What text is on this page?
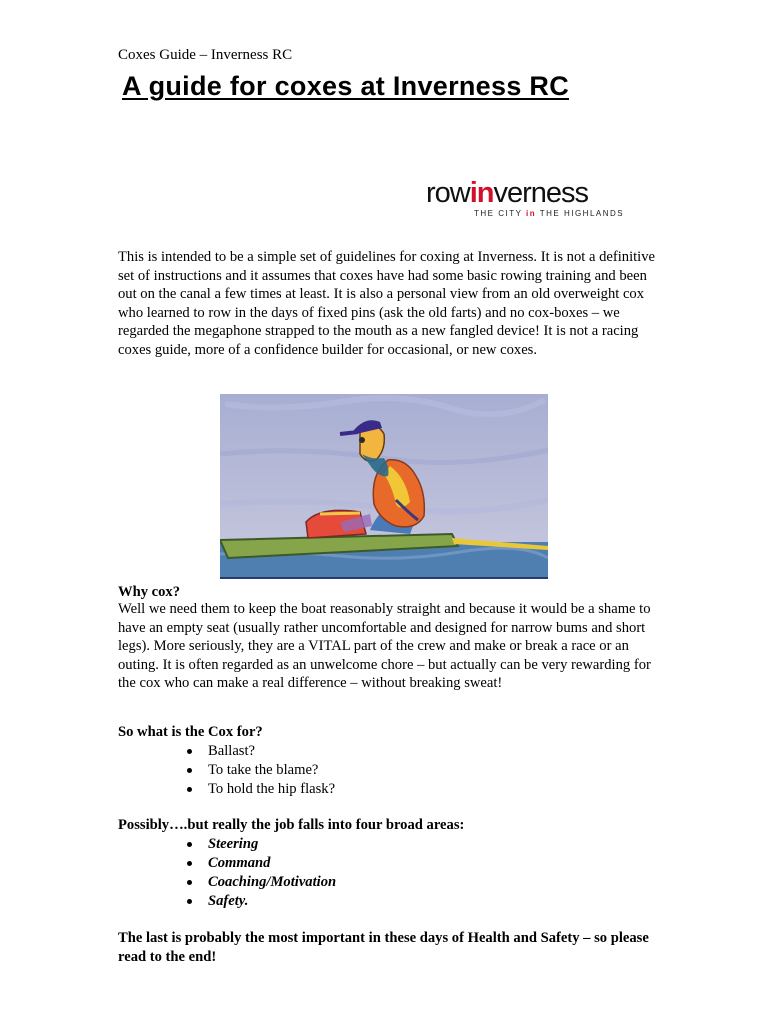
Coxes Guide – Inverness RC
A guide for coxes at Inverness RC
rowinverness
THE CITY in THE HIGHLANDS
This is intended to be a simple set of guidelines for coxing at Inverness. It is not a definitive set of instructions and it assumes that coxes have had some basic rowing training and been out on the canal a few times at least. It is also a personal view from an old overweight cox who learned to row in the days of fixed pins (ask the old farts) and no cox-boxes – we regarded the megaphone strapped to the mouth as a new fangled device! It is not a racing coxes guide, more of a confidence builder for occasional, or new coxes.
Why cox?
Well we need them to keep the boat reasonably straight and because it would be a shame to have an empty seat (usually rather uncomfortable and designed for narrow bums and short legs). More seriously, they are a VITAL part of the crew and make or break a race or an outing. It is often regarded as an unwelcome chore – but actually can be very rewarding for the cox who can make a real difference – without breaking sweat!
So what is the Cox for?
Ballast?
To take the blame?
To hold the hip flask?
Possibly….but really the job falls into four broad areas:
Steering
Command
Coaching/Motivation
Safety.
The last is probably the most important in these days of Health and Safety – so please read to the end!
